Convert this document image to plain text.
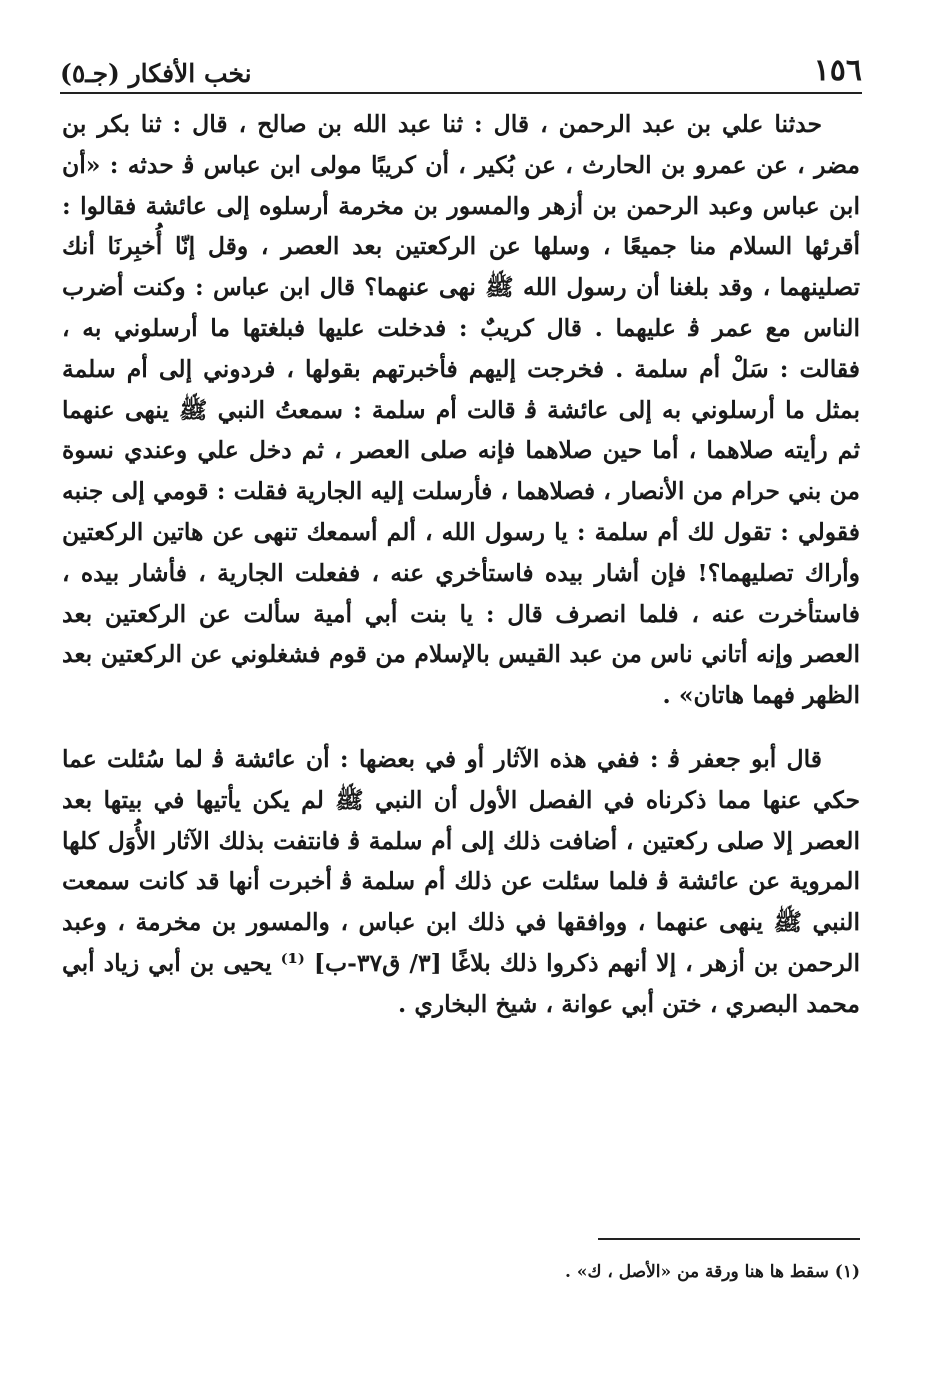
١٥٦
نخب الأفكار (جـ٥)

حدثنا علي بن عبد الرحمن ، قال : ثنا عبد الله بن صالح ، قال : ثنا بكر بن مضر ، عن عمرو بن الحارث ، عن بُكير ، أن كريبًا مولى ابن عباس ﭬ حدثه : «أن ابن عباس وعبد الرحمن بن أزهر والمسور بن مخرمة أرسلوه إلى عائشة فقالوا : أقرئها السلام منا جميعًا ، وسلها عن الركعتين بعد العصر ، وقل إنّا أُخبِرنَا أنك تصلينهما ، وقد بلغنا أن رسول الله ﷺ نهى عنهما؟ قال ابن عباس : وكنت أضرب الناس مع عمر ﭬ عليهما . قال كريبٌ : فدخلت عليها فبلغتها ما أرسلوني به ، فقالت : سَلْ أم سلمة . فخرجت إليهم فأخبرتهم بقولها ، فردوني إلى أم سلمة بمثل ما أرسلوني به إلى عائشة ﭬ قالت أم سلمة : سمعتُ النبي ﷺ ينهى عنهما ثم رأيته صلاهما ، أما حين صلاهما فإنه صلى العصر ، ثم دخل علي وعندي نسوة من بني حرام من الأنصار ، فصلاهما ، فأرسلت إليه الجارية فقلت : قومي إلى جنبه فقولي : تقول لك أم سلمة : يا رسول الله ، ألم أسمعك تنهى عن هاتين الركعتين وأراك تصليهما؟! فإن أشار بيده فاستأخري عنه ، ففعلت الجارية ، فأشار بيده ، فاستأخرت عنه ، فلما انصرف قال : يا بنت أبي أمية سألت عن الركعتين بعد العصر وإنه أتاني ناس من عبد القيس بالإسلام من قوم فشغلوني عن الركعتين بعد الظهر فهما هاتان» .

قال أبو جعفر ﭬ : ففي هذه الآثار أو في بعضها : أن عائشة ﭬ لما سُئلت عما حكي عنها مما ذكرناه في الفصل الأول أن النبي ﷺ لم يكن يأتيها في بيتها بعد العصر إلا صلى ركعتين ، أضافت ذلك إلى أم سلمة ﭬ فانتفت بذلك الآثار الأُوَل كلها المروية عن عائشة ﭬ فلما سئلت عن ذلك أم سلمة ﭬ أخبرت أنها قد كانت سمعت النبي ﷺ ينهى عنهما ، ووافقها في ذلك ابن عباس ، والمسور بن مخرمة ، وعبد الرحمن بن أزهر ، إلا أنهم ذكروا ذلك بلاغًا [٣/ ق٣٧-ب] ⁽¹⁾ يحيى بن أبي زياد أبي محمد البصري ، ختن أبي عوانة ، شيخ البخاري .

(١) سقط ها هنا ورقة من «الأصل ، ك» .
